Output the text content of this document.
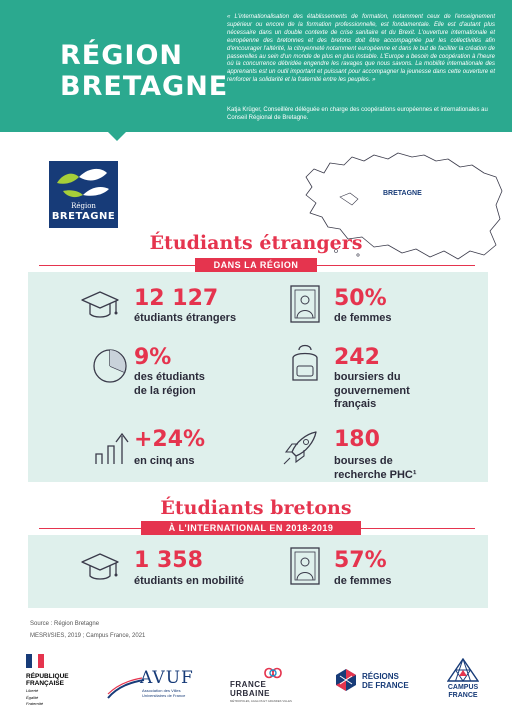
RÉGION
BRETAGNE
« L'internationalisation des établissements de formation, notamment ceux de l'enseignement supérieur ou encore de la formation professionnelle, est fondamentale. Elle est d'autant plus nécessaire dans un double contexte de crise sanitaire et du Brexit. L'ouverture internationale et européenne des bretonnes et des bretons doit être accompagnée par les collectivités afin d'encourager l'altérité, la citoyenneté notamment européenne et dans le but de faciliter la création de passerelles au sein d'un monde de plus en plus instable. L'Europe a besoin de coopération à l'heure où la concurrence débridée engendre les ravages que nous savons. La mobilité internationale des apprenants est un outil important et puissant pour accompagner la jeunesse dans cette ouverture et renforcer la solidarité et la fraternité entre les peuples. »
Katja Krüger, Conseillère déléguée en charge des coopérations européennes et internationales au Conseil Régional de Bretagne.
Région
BRETAGNE
BRETAGNE
Étudiants étrangers
DANS LA RÉGION
12 127
étudiants étrangers
50%
de femmes
9%
des étudiants
de la région
242
boursiers du
gouvernement
français
+24%
en cinq ans
180
bourses de
recherche PHC¹
Étudiants bretons
À L'INTERNATIONAL EN 2018-2019
1 358
étudiants en mobilité
57%
de femmes
Source : Région Bretagne
MESRI/SIES, 2019 ; Campus France, 2021
RÉPUBLIQUE
FRANÇAISE
Liberté
Égalité
Fraternité
AVUF
Association des Villes
Universitaires de France
FRANCE
URBAINE
MÉTROPOLES, AGGLOS ET GRANDES VILLES
RÉGIONS
DE FRANCE	CAMPUS
FRANCE
